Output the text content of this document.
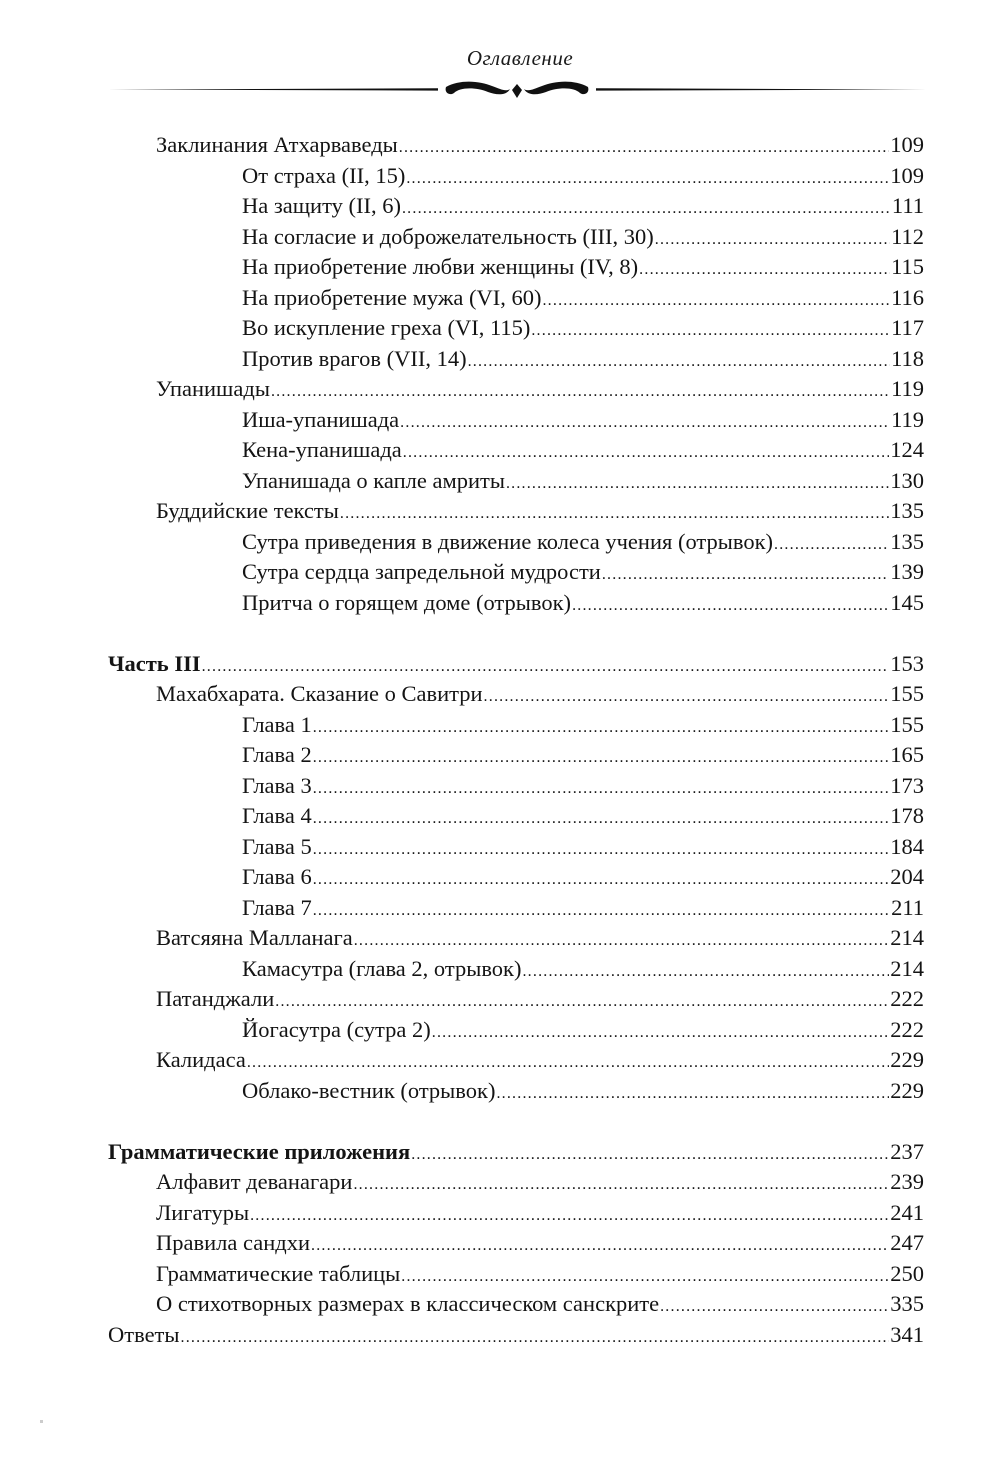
Оглавление
Заклинания Атхарваведы .....	109
От страха (II, 15) .....	109
На защиту (II, 6) .....	111
На согласие и доброжелательность (III, 30) .....	112
На приобретение любви женщины (IV, 8) .....	115
На приобретение мужа (VI, 60) .....	116
Во искупление греха (VI, 115) .....	117
Против врагов (VII, 14) .....	118
Упанишады .....	119
Иша-упанишада .....	119
Кена-упанишада .....	124
Упанишада о капле амриты .....	130
Буддийские тексты .....	135
Сутра приведения в движение колеса учения (отрывок) .....	135
Сутра сердца запредельной мудрости .....	139
Притча о горящем доме (отрывок) .....	145
Часть III .....	153
Махабхарата. Сказание о Савитри .....	155
Глава 1 .....	155
Глава 2 .....	165
Глава 3 .....	173
Глава 4 .....	178
Глава 5 .....	184
Глава 6 .....	204
Глава 7 .....	211
Ватсяяна Малланага .....	214
Камасутра (глава 2, отрывок) .....	214
Патанджали .....	222
Йогасутра (сутра 2) .....	222
Калидаса .....	229
Облако-вестник (отрывок) .....	229
Грамматические приложения .....	237
Алфавит деванагари .....	239
Лигатуры .....	241
Правила сандхи .....	247
Грамматические таблицы .....	250
О стихотворных размерах в классическом санскрите .....	335
Ответы .....	341
